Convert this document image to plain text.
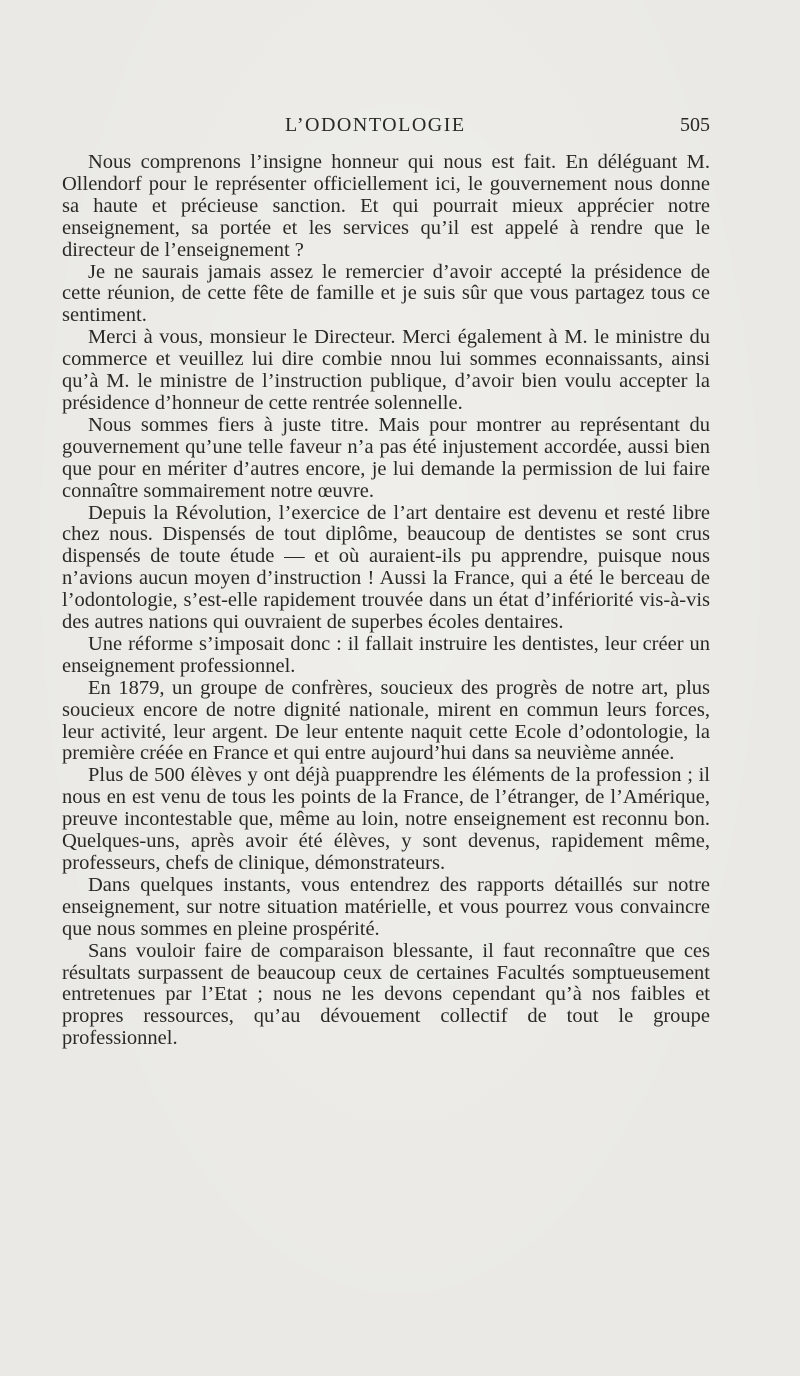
L’ODONTOLOGIE	505

Nous comprenons l’insigne honneur qui nous est fait. En déléguant M. Ollendorf pour le représenter officiellement ici, le gouvernement nous donne sa haute et précieuse sanction. Et qui pourrait mieux apprécier notre enseignement, sa portée et les services qu’il est appelé à rendre que le directeur de l’enseignement ?

Je ne saurais jamais assez le remercier d’avoir accepté la présidence de cette réunion, de cette fête de famille et je suis sûr que vous partagez tous ce sentiment.

Merci à vous, monsieur le Directeur. Merci également à M. le ministre du commerce et veuillez lui dire combie nnou lui sommes econnaissants, ainsi qu’à M. le ministre de l’instruction publique, d’avoir bien voulu accepter la présidence d’honneur de cette rentrée solennelle.

Nous sommes fiers à juste titre. Mais pour montrer au représentant du gouvernement qu’une telle faveur n’a pas été injustement accordée, aussi bien que pour en mériter d’autres encore, je lui demande la permission de lui faire connaître sommairement notre œuvre.

Depuis la Révolution, l’exercice de l’art dentaire est devenu et resté libre chez nous. Dispensés de tout diplôme, beaucoup de dentistes se sont crus dispensés de toute étude — et où auraient-ils pu apprendre, puisque nous n’avions aucun moyen d’instruction ! Aussi la France, qui a été le berceau de l’odontologie, s’est-elle rapidement trouvée dans un état d’infériorité vis-à-vis des autres nations qui ouvraient de superbes écoles dentaires.

Une réforme s’imposait donc : il fallait instruire les dentistes, leur créer un enseignement professionnel.

En 1879, un groupe de confrères, soucieux des progrès de notre art, plus soucieux encore de notre dignité nationale, mirent en commun leurs forces, leur activité, leur argent. De leur entente naquit cette Ecole d’odontologie, la première créée en France et qui entre aujourd’hui dans sa neuvième année.

Plus de 500 élèves y ont déjà puapprendre les éléments de la profession ; il nous en est venu de tous les points de la France, de l’étranger, de l’Amérique, preuve incontestable que, même au loin, notre enseignement est reconnu bon. Quelques-uns, après avoir été élèves, y sont devenus, rapidement même, professeurs, chefs de clinique, démonstrateurs.

Dans quelques instants, vous entendrez des rapports détaillés sur notre enseignement, sur notre situation matérielle, et vous pourrez vous convaincre que nous sommes en pleine prospérité.

Sans vouloir faire de comparaison blessante, il faut reconnaître que ces résultats surpassent de beaucoup ceux de certaines Facultés somptueusement entretenues par l’Etat ; nous ne les devons cependant qu’à nos faibles et propres ressources, qu’au dévouement collectif de tout le groupe professionnel.
